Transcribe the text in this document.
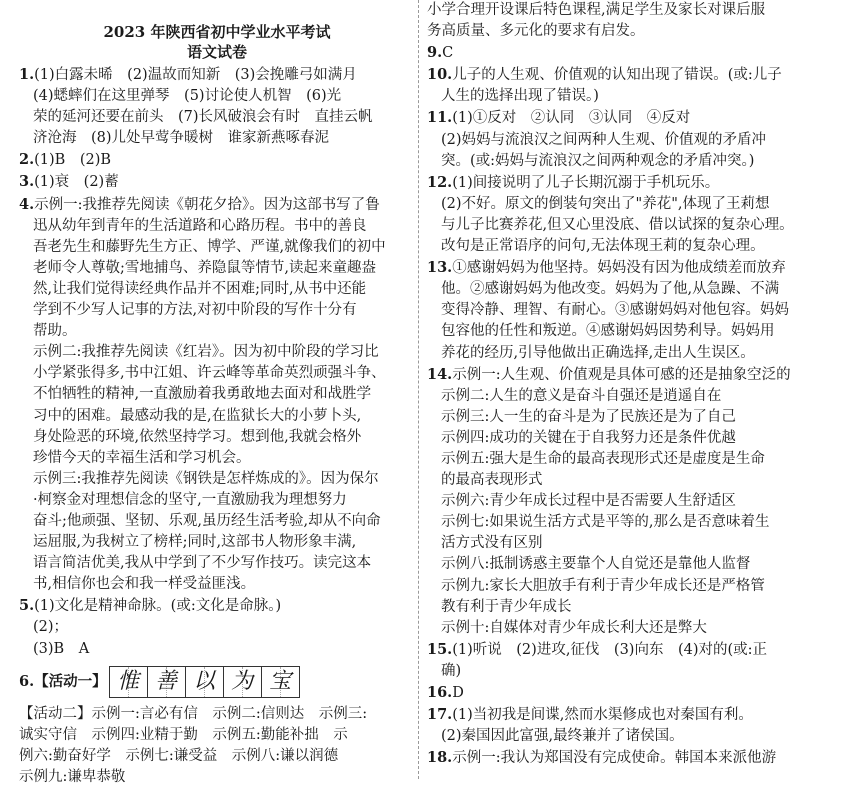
2023 年陕西省初中学业水平考试
语文试卷
1.(1)白露未晞　(2)温故而知新　(3)会挽雕弓如满月
(4)蟋蟀们在这里弹琴　(5)讨论使人机智　(6)光
荣的延河还要在前头　(7)长风破浪会有时　直挂云帆
济沧海　(8)儿处早莺争暖树　谁家新燕啄春泥
2.(1)B　(2)B
3.(1)衰　(2)蓄
4.示例一:我推荐先阅读《朝花夕拾》。因为这部书写了鲁
迅从幼年到青年的生活道路和心路历程。书中的善良
吾老先生和藤野先生方正、博学、严谨,就像我们的初中
老师令人尊敬;雪地捕鸟、养隐鼠等情节,读起来童趣盎
然,让我们觉得读经典作品并不困难;同时,从书中还能
学到不少写人记事的方法,对初中阶段的写作十分有
帮助。
示例二:我推荐先阅读《红岩》。因为初中阶段的学习比
小学紧张得多,书中江姐、许云峰等革命英烈顽强斗争、
不怕牺牲的精神,一直激励着我勇敢地去面对和战胜学
习中的困难。最感动我的是,在监狱长大的小萝卜头,
身处险恶的环境,依然坚持学习。想到他,我就会格外
珍惜今天的幸福生活和学习机会。
示例三:我推荐先阅读《钢铁是怎样炼成的》。因为保尔
·柯察金对理想信念的坚守,一直激励我为理想努力
奋斗;他顽强、坚韧、乐观,虽历经生活考验,却从不向命
运屈服,为我树立了榜样;同时,这部书人物形象丰满,
语言简洁优美,我从中学到了不少写作技巧。读完这本
书,相信你也会和我一样受益匪浅。
5.(1)文化是精神命脉。(或:文化是命脉。)
(2)；
(3)B　A
6.【活动一】 惟 善 以 为 宝
【活动二】示例一:言必有信　示例二:信则达　示例三:
诚实守信　示例四:业精于勤　示例五:勤能补拙　示
例六:勤奋好学　示例七:谦受益　示例八:谦以润德
示例九:谦卑恭敬
小学合理开设课后特色课程,满足学生及家长对课后服
务高质量、多元化的要求有启发。
9.C
10.儿子的人生观、价值观的认知出现了错误。(或:儿子
人生的选择出现了错误。)
11.(1)①反对　②认同　③认同　④反对
(2)妈妈与流浪汉之间两种人生观、价值观的矛盾冲
突。(或:妈妈与流浪汉之间两种观念的矛盾冲突。)
12.(1)间接说明了儿子长期沉溺于手机玩乐。
(2)不好。原文的倒装句突出了"养花",体现了王莉想
与儿子比赛养花,但又心里没底、借以试探的复杂心理。
改句是正常语序的问句,无法体现王莉的复杂心理。
13.①感谢妈妈为他坚持。妈妈没有因为他成绩差而放弃
他。②感谢妈妈为他改变。妈妈为了他,从急躁、不满
变得冷静、理智、有耐心。③感谢妈妈对他包容。妈妈
包容他的任性和叛逆。④感谢妈妈因势利导。妈妈用
养花的经历,引导他做出正确选择,走出人生误区。
14.示例一:人生观、价值观是具体可感的还是抽象空泛的
示例二:人生的意义是奋斗自强还是逍遥自在
示例三:人一生的奋斗是为了民族还是为了自己
示例四:成功的关键在于自我努力还是条件优越
示例五:强大是生命的最高表现形式还是虚度是生命
的最高表现形式
示例六:青少年成长过程中是否需要人生舒适区
示例七:如果说生活方式是平等的,那么是否意味着生
活方式没有区别
示例八:抵制诱惑主要靠个人自觉还是靠他人监督
示例九:家长大胆放手有利于青少年成长还是严格管
教有利于青少年成长
示例十:自媒体对青少年成长利大还是弊大
15.(1)听说　(2)进攻,征伐　(3)向东　(4)对的(或:正
确)
16.D
17.(1)当初我是间谍,然而水渠修成也对秦国有利。
(2)秦国因此富强,最终兼并了诸侯国。
18.示例一:我认为郑国没有完成使命。韩国本来派他游
